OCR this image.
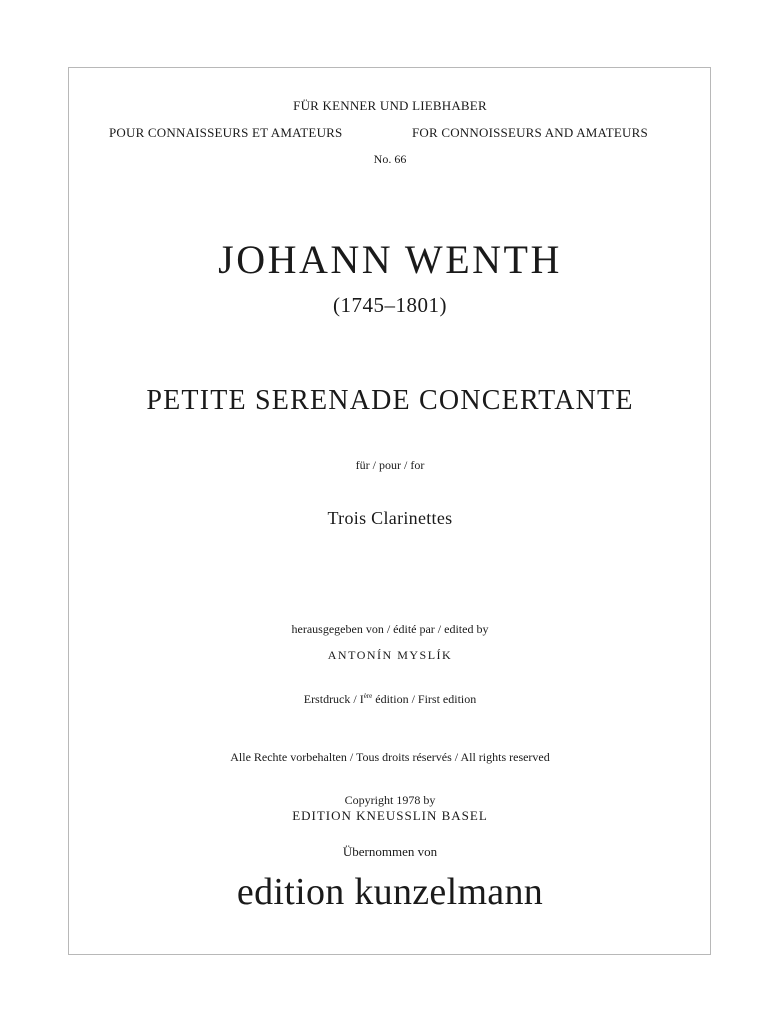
FÜR KENNER UND LIEBHABER
POUR CONNAISSEURS ET AMATEURS	FOR CONNOISSEURS AND AMATEURS
No. 66
JOHANN WENTH
(1745–1801)
PETITE SERENADE CONCERTANTE
für / pour / for
Trois Clarinettes
herausgegeben von / édité par / edited by
ANTONÍN MYSLÍK
Erstdruck / Ière édition / First edition
Alle Rechte vorbehalten / Tous droits réservés / All rights reserved
Copyright 1978 by
EDITION KNEUSSLIN BASEL
Übernommen von
edition kunzelmann
